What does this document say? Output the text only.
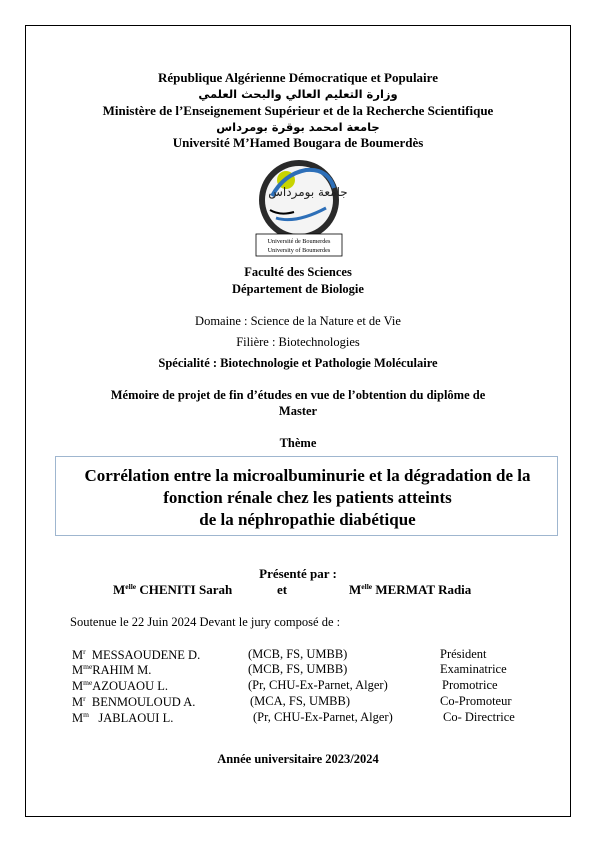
République Algérienne Démocratique et Populaire
وزارة التعليم العالي والبحث العلمي
Ministère de l’Enseignement Supérieur et de la Recherche Scientifique
جامعة امحمد بوقرة بومرداس
Université M’Hamed Bougara de Boumerdès
جامعة بومرداس
Université de Boumerdes
University of Boumerdes
Faculté des Sciences
Département de Biologie
Domaine : Science de la Nature et de Vie
Filière : Biotechnologies
Spécialité : Biotechnologie et Pathologie Moléculaire
Mémoire de projet de fin d’études en vue de l’obtention du diplôme de
Master
Thème
Corrélation entre la microalbuminurie et la dégradation de la
fonction rénale chez les patients atteints
de la néphropathie diabétique
Présenté par :
$M^{elle}$ CHENITI Sarah	et	$M^{elle}$ MERMAT Radia
Soutenue le 22 Juin 2024 Devant le jury composé de :
$M^r$ MESSAOUDENE D.	(MCB, FS, UMBB)	Président
$M^{me}RAHIM$ M.	(MCB, FS, UMBB)	Examinatrice
$M^{me}AZOUAOU$ L.	(Pr, CHU-Ex-Parnet, Alger)	Promotrice
$M^r$ BENMOULOUD A.	(MCA, FS, UMBB)	Co-Promoteur
$M^m$ JABLAOUI L.	(Pr, CHU-Ex-Parnet, Alger)	Co- Directrice
Année universitaire 2023/2024
